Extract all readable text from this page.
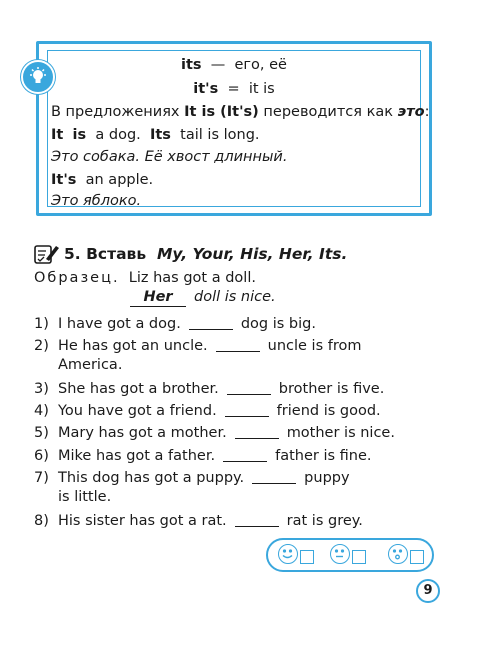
its — его, её
it's = it is
В предложениях It is (It's) переводится как это:
It is a dog. Its tail is long.
Это собака. Её хвост длинный.
It's an apple.
Это яблоко.
5. Вставь My, Your, His, Her, Its.
Образец. Liz has got a doll.
Her	doll is nice.
1) I have got a dog.	dog is big.
2) He has got an uncle.	uncle is from
America.
3) She has got a brother.	brother is five.
4) You have got a friend.	friend is good.
5) Mary has got a mother.	mother is nice.
6) Mike has got a father.	father is fine.
7) This dog has got a puppy.	puppy
is little.
8) His sister has got a rat.	rat is grey.
9
